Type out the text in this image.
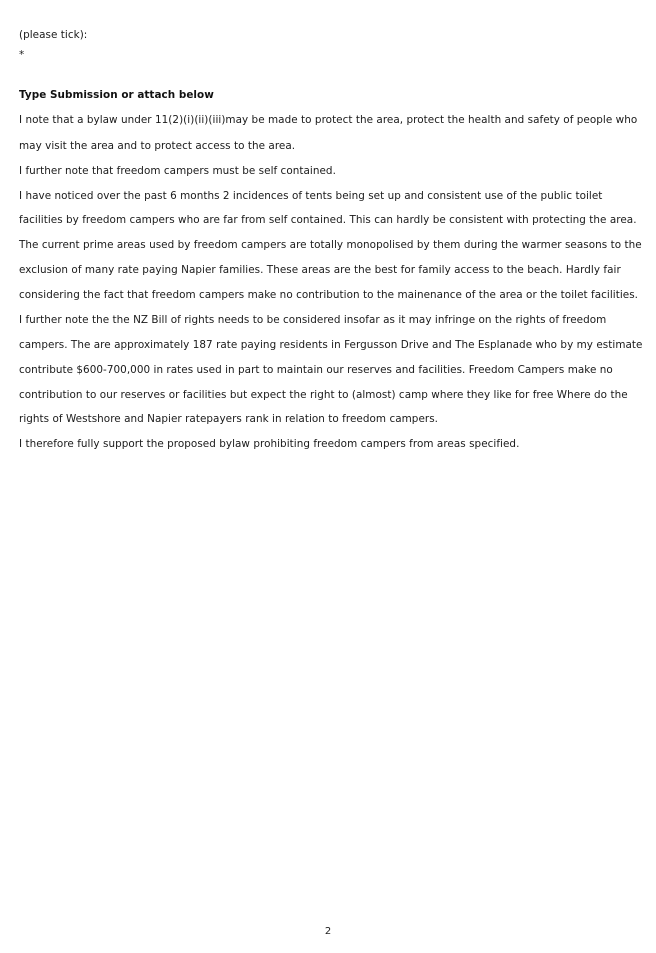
(please tick):
*
Type Submission or attach below
I note that a bylaw under 11(2)(i)(ii)(iii)may be made to protect the area, protect the health and safety of people who
may visit the area and to protect access to the area.
I further note that freedom campers must be self contained.
I have noticed over the past 6 months 2 incidences of tents being set up and consistent use of the public toilet
facilities by freedom campers who are far from self contained. This can hardly be consistent with protecting the area.
The current prime areas used by freedom campers are totally monopolised by them during the warmer seasons to the
exclusion of many rate paying Napier families. These areas are the best for family access to the beach. Hardly fair
considering the fact that freedom campers make no contribution to the mainenance of the area or the toilet facilities.
I further note the the NZ Bill of rights needs to be considered insofar as it may infringe on the rights of freedom
campers. The are approximately 187 rate paying residents in Fergusson Drive and The Esplanade who by my estimate
contribute $600-700,000 in rates used in part to maintain our reserves and facilities. Freedom Campers make no
contribution to our reserves or facilities but expect the right to (almost) camp where they like for free Where do the
rights of Westshore and Napier ratepayers rank in relation to freedom campers.
I therefore fully support the proposed bylaw prohibiting freedom campers from areas specified.
2
